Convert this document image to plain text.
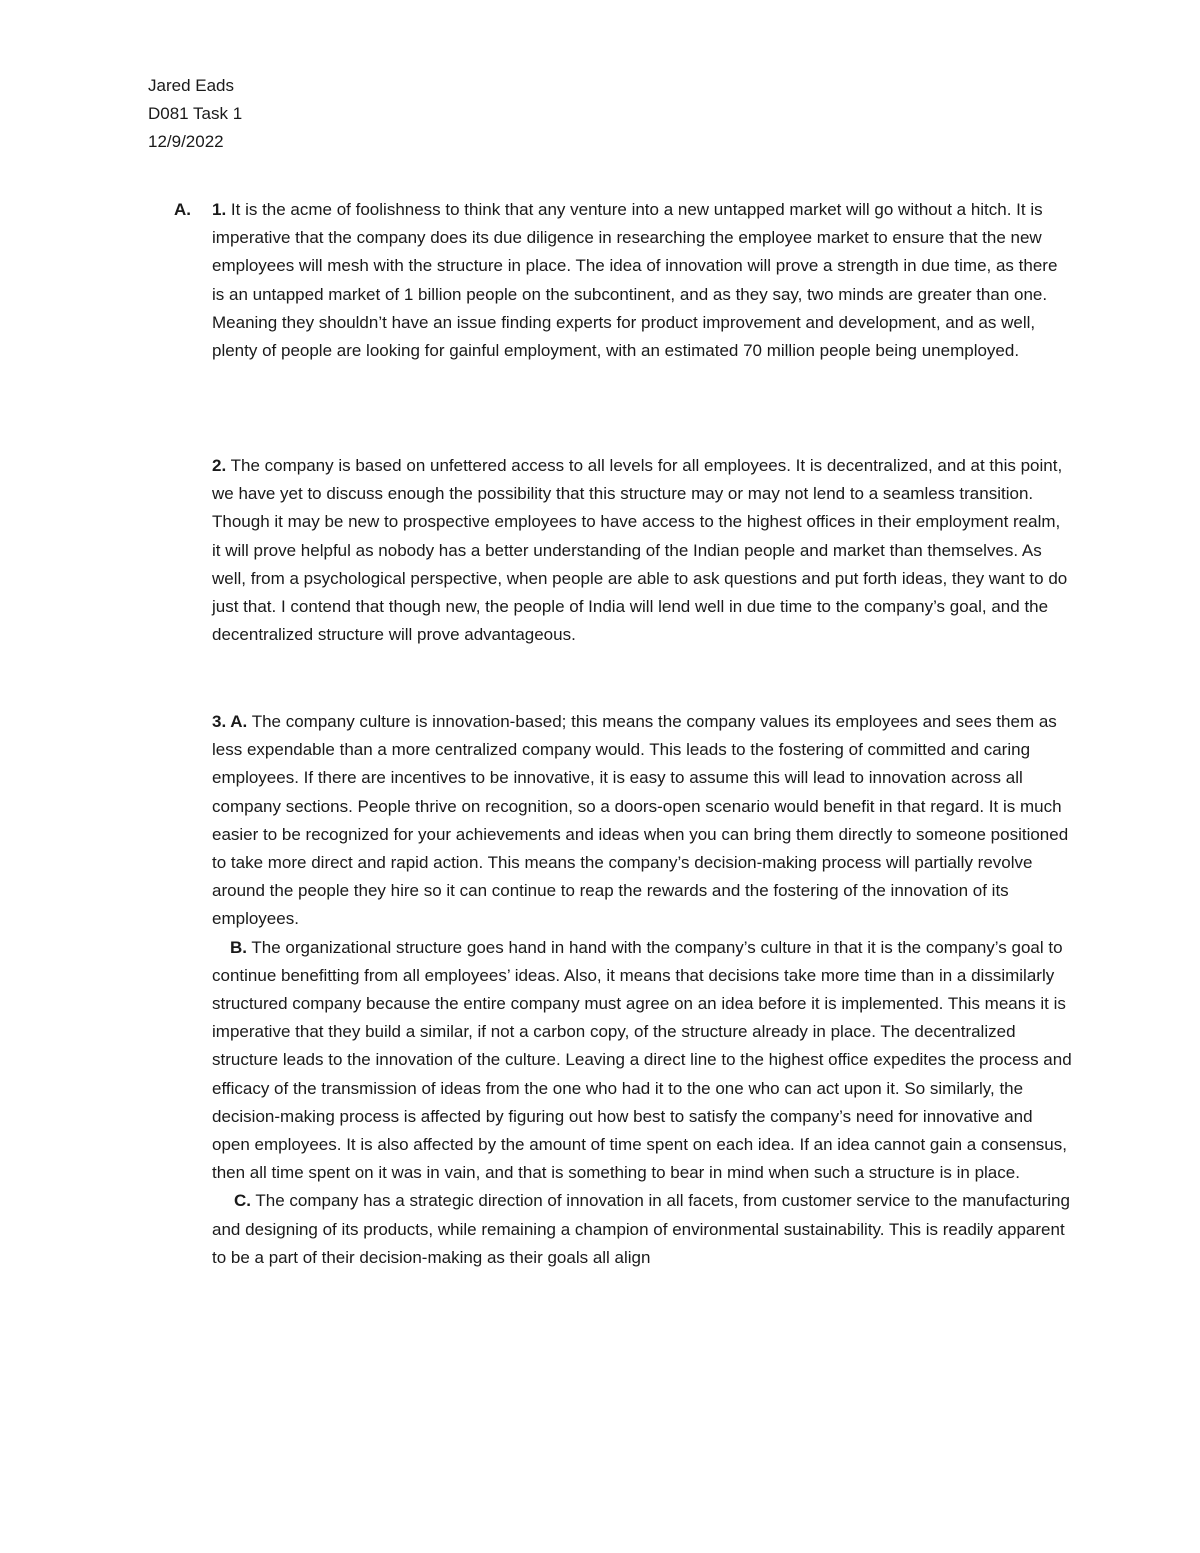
Jared Eads
D081 Task 1
12/9/2022
A. 1. It is the acme of foolishness to think that any venture into a new untapped market will go without a hitch. It is imperative that the company does its due diligence in researching the employee market to ensure that the new employees will mesh with the structure in place. The idea of innovation will prove a strength in due time, as there is an untapped market of 1 billion people on the subcontinent, and as they say, two minds are greater than one. Meaning they shouldn’t have an issue finding experts for product improvement and development, and as well, plenty of people are looking for gainful employment, with an estimated 70 million people being unemployed.

2. The company is based on unfettered access to all levels for all employees. It is decentralized, and at this point, we have yet to discuss enough the possibility that this structure may or may not lend to a seamless transition. Though it may be new to prospective employees to have access to the highest offices in their employment realm, it will prove helpful as nobody has a better understanding of the Indian people and market than themselves. As well, from a psychological perspective, when people are able to ask questions and put forth ideas, they want to do just that. I contend that though new, the people of India will lend well in due time to the company’s goal, and the decentralized structure will prove advantageous.

3. A. The company culture is innovation-based; this means the company values its employees and sees them as less expendable than a more centralized company would. This leads to the fostering of committed and caring employees. If there are incentives to be innovative, it is easy to assume this will lead to innovation across all company sections. People thrive on recognition, so a doors-open scenario would benefit in that regard. It is much easier to be recognized for your achievements and ideas when you can bring them directly to someone positioned to take more direct and rapid action. This means the company’s decision-making process will partially revolve around the people they hire so it can continue to reap the rewards and the fostering of the innovation of its employees.

B. The organizational structure goes hand in hand with the company’s culture in that it is the company’s goal to continue benefitting from all employees’ ideas. Also, it means that decisions take more time than in a dissimilarly structured company because the entire company must agree on an idea before it is implemented. This means it is imperative that they build a similar, if not a carbon copy, of the structure already in place. The decentralized structure leads to the innovation of the culture. Leaving a direct line to the highest office expedites the process and efficacy of the transmission of ideas from the one who had it to the one who can act upon it. So similarly, the decision-making process is affected by figuring out how best to satisfy the company’s need for innovative and open employees. It is also affected by the amount of time spent on each idea. If an idea cannot gain a consensus, then all time spent on it was in vain, and that is something to bear in mind when such a structure is in place.

C. The company has a strategic direction of innovation in all facets, from customer service to the manufacturing and designing of its products, while remaining a champion of environmental sustainability. This is readily apparent to be a part of their decision-making as their goals all align
